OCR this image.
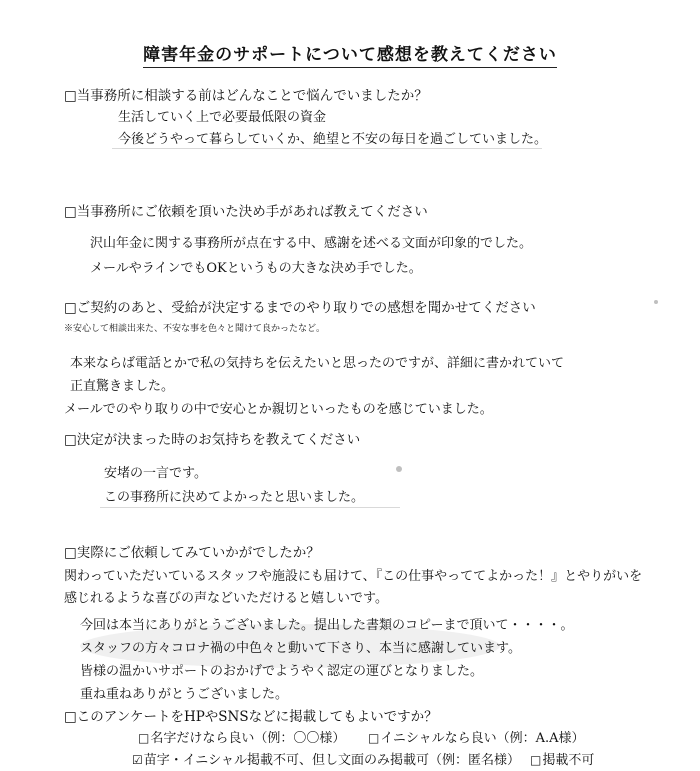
障害年金のサポートについて感想を教えてください
□当事務所に相談する前はどんなことで悩んでいましたか？
生活していく上で必要最低限の資金
今後どうやって暮らしていくか、絶望と不安の毎日を過ごしていました。
□当事務所にご依頼を頂いた決め手があれば教えてください
沢山年金に関する事務所が点在する中、感謝を述べる文面が印象的でした。
メールやラインでもOKというもの大きな決め手でした。
□ご契約のあと、受給が決定するまでのやり取りでの感想を聞かせてください
※安心して相談出来た、不安な事を色々と聞けて良かったなど。
本来ならば電話とかで私の気持ちを伝えたいと思ったのですが、詳細に書かれていて
正直驚きました。
メールでのやり取りの中で安心とか親切といったものを感じていました。
□決定が決まった時のお気持ちを教えてください
安堵の一言です。
この事務所に決めてよかったと思いました。
□実際にご依頼してみていかがでしたか？
関わっていただいているスタッフや施設にも届けて、『この仕事やっててよかった！』とやりがいを
感じれるような喜びの声などいただけると嬉しいです。
今回は本当にありがとうございました。提出した書類のコピーまで頂いて・・・・。
スタッフの方々コロナ禍の中色々と動いて下さり、本当に感謝しています。
皆様の温かいサポートのおかげでようやく認定の運びとなりました。
重ね重ねありがとうございました。
□このアンケートをHPやSNSなどに掲載してもよいですか？
□名字だけなら良い（例：〇〇様） □イニシャルなら良い（例：A.A様）
☑苗字・イニシャル掲載不可、但し文面のみ掲載可（例：匿名様） □掲載不可
